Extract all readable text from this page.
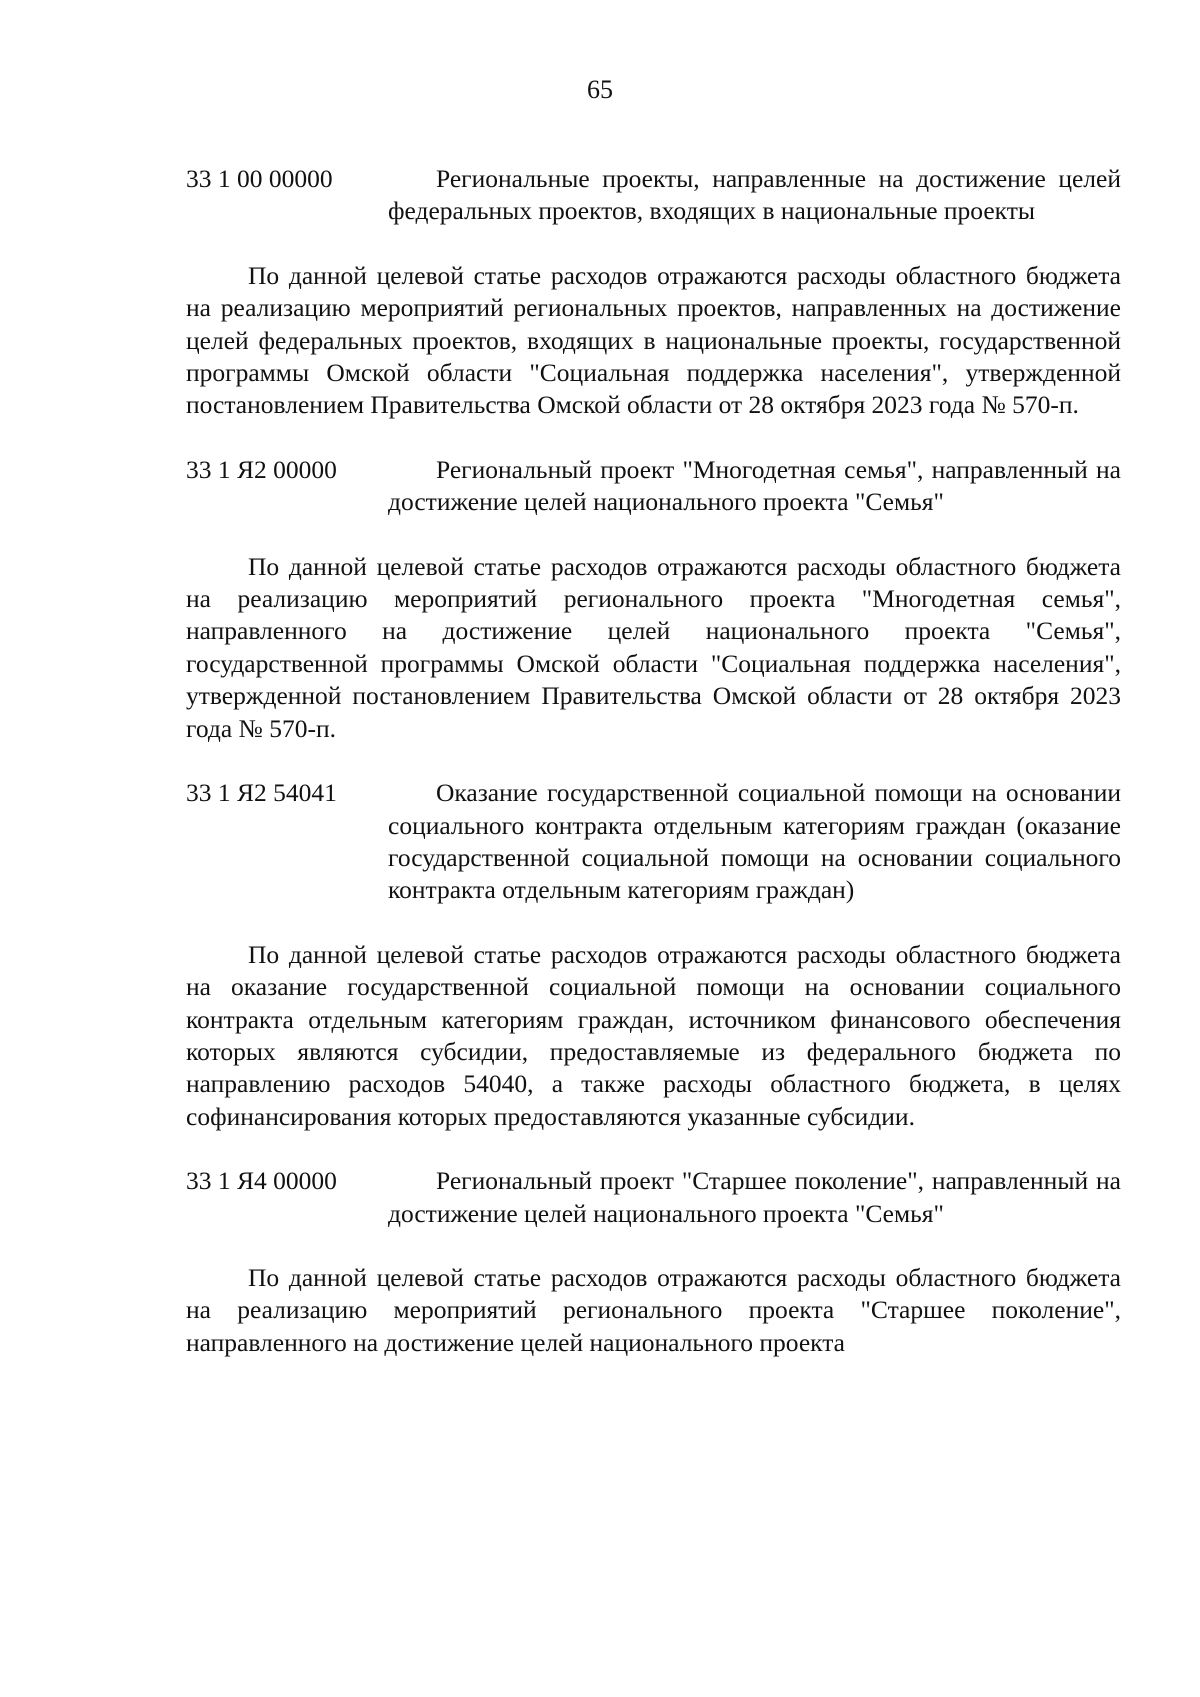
65
33 1 00 00000	Региональные проекты, направленные на достижение целей федеральных проектов, входящих в национальные проекты

По данной целевой статье расходов отражаются расходы областного бюджета на реализацию мероприятий региональных проектов, направленных на достижение целей федеральных проектов, входящих в национальные проекты, государственной программы Омской области "Социальная поддержка населения", утвержденной постановлением Правительства Омской области от 28 октября 2023 года № 570-п.

33 1 Я2 00000	Региональный проект "Многодетная семья", направленный на достижение целей национального проекта "Семья"

По данной целевой статье расходов отражаются расходы областного бюджета на реализацию мероприятий регионального проекта "Многодетная семья", направленного на достижение целей национального проекта "Семья", государственной программы Омской области "Социальная поддержка населения", утвержденной постановлением Правительства Омской области от 28 октября 2023 года № 570-п.

33 1 Я2 54041	Оказание государственной социальной помощи на основании социального контракта отдельным категориям граждан (оказание государственной социальной помощи на основании социального контракта отдельным категориям граждан)

По данной целевой статье расходов отражаются расходы областного бюджета на оказание государственной социальной помощи на основании социального контракта отдельным категориям граждан, источником финансового обеспечения которых являются субсидии, предоставляемые из федерального бюджета по направлению расходов 54040, а также расходы областного бюджета, в целях софинансирования которых предоставляются указанные субсидии.

33 1 Я4 00000	Региональный проект "Старшее поколение", направленный на достижение целей национального проекта "Семья"

По данной целевой статье расходов отражаются расходы областного бюджета на реализацию мероприятий регионального проекта "Старшее поколение", направленного на достижение целей национального проекта
